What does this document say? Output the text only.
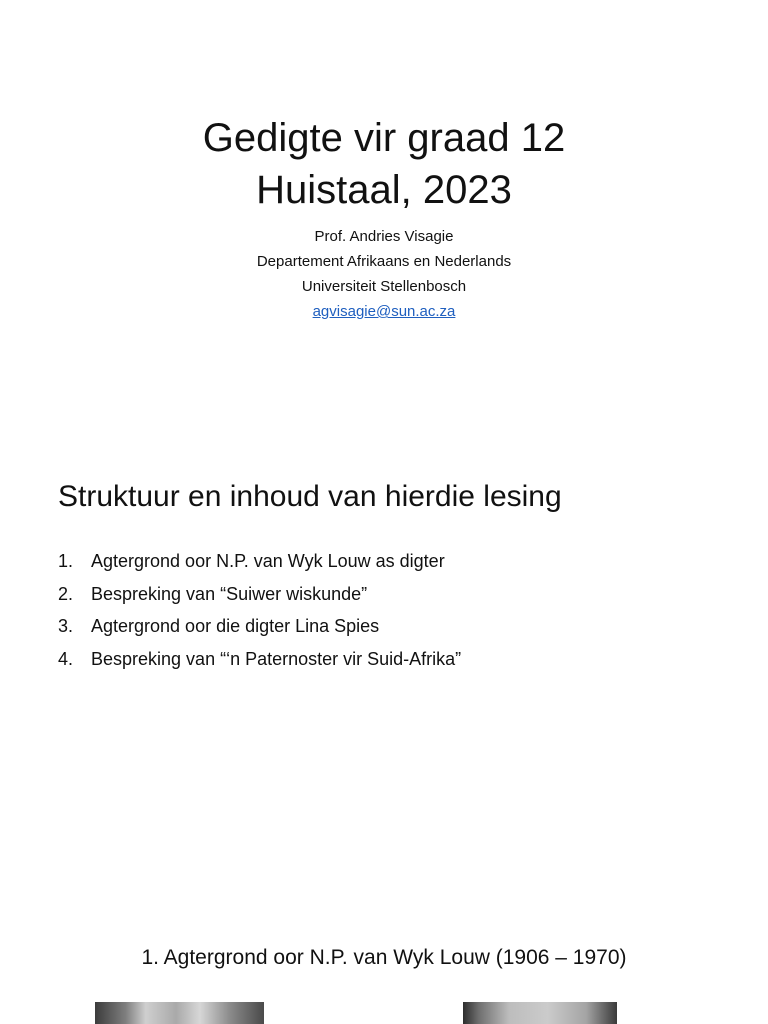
Gedigte vir graad 12
Huistaal, 2023
Prof. Andries Visagie
Departement Afrikaans en Nederlands
Universiteit Stellenbosch
agvisagie@sun.ac.za
Struktuur en inhoud van hierdie lesing
1. Agtergrond oor N.P. van Wyk Louw as digter
2. Bespreking van “Suiwer wiskunde”
3. Agtergrond oor die digter Lina Spies
4. Bespreking van “‘n Paternoster vir Suid-Afrika”
1. Agtergrond oor N.P. van Wyk Louw (1906 – 1970)
